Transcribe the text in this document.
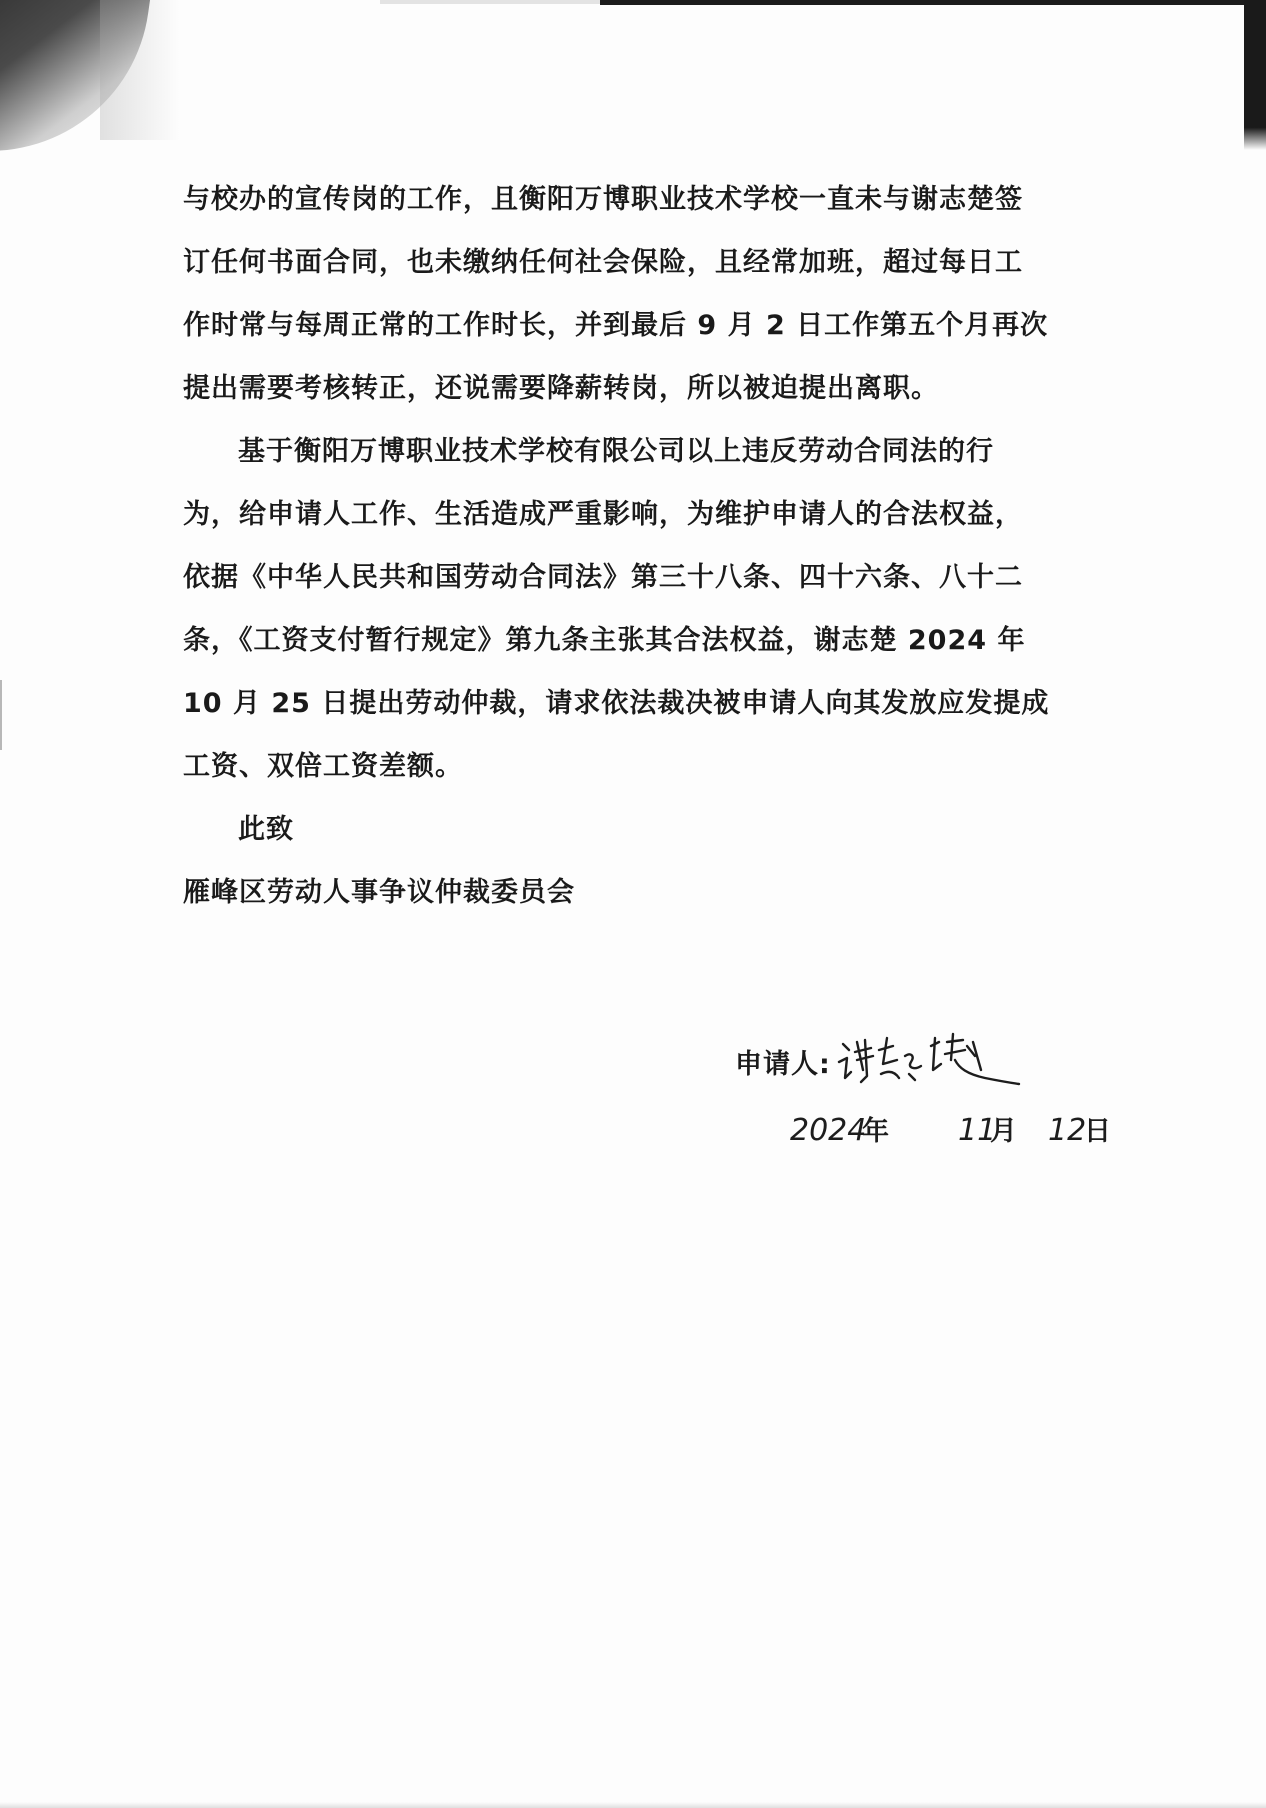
与校办的宣传岗的工作，且衡阳万博职业技术学校一直未与谢志楚签
订任何书面合同，也未缴纳任何社会保险，且经常加班，超过每日工
作时常与每周正常的工作时长，并到最后 9 月 2 日工作第五个月再次
提出需要考核转正，还说需要降薪转岗，所以被迫提出离职。
基于衡阳万博职业技术学校有限公司以上违反劳动合同法的行
为，给申请人工作、生活造成严重影响，为维护申请人的合法权益，
依据《中华人民共和国劳动合同法》第三十八条、四十六条、八十二
条，《工资支付暂行规定》第九条主张其合法权益，谢志楚 2024 年
10 月 25 日提出劳动仲裁，请求依法裁决被申请人向其发放应发提成
工资、双倍工资差额。
此致
雁峰区劳动人事争议仲裁委员会
申请人:
2024
年 11
月 12
日
